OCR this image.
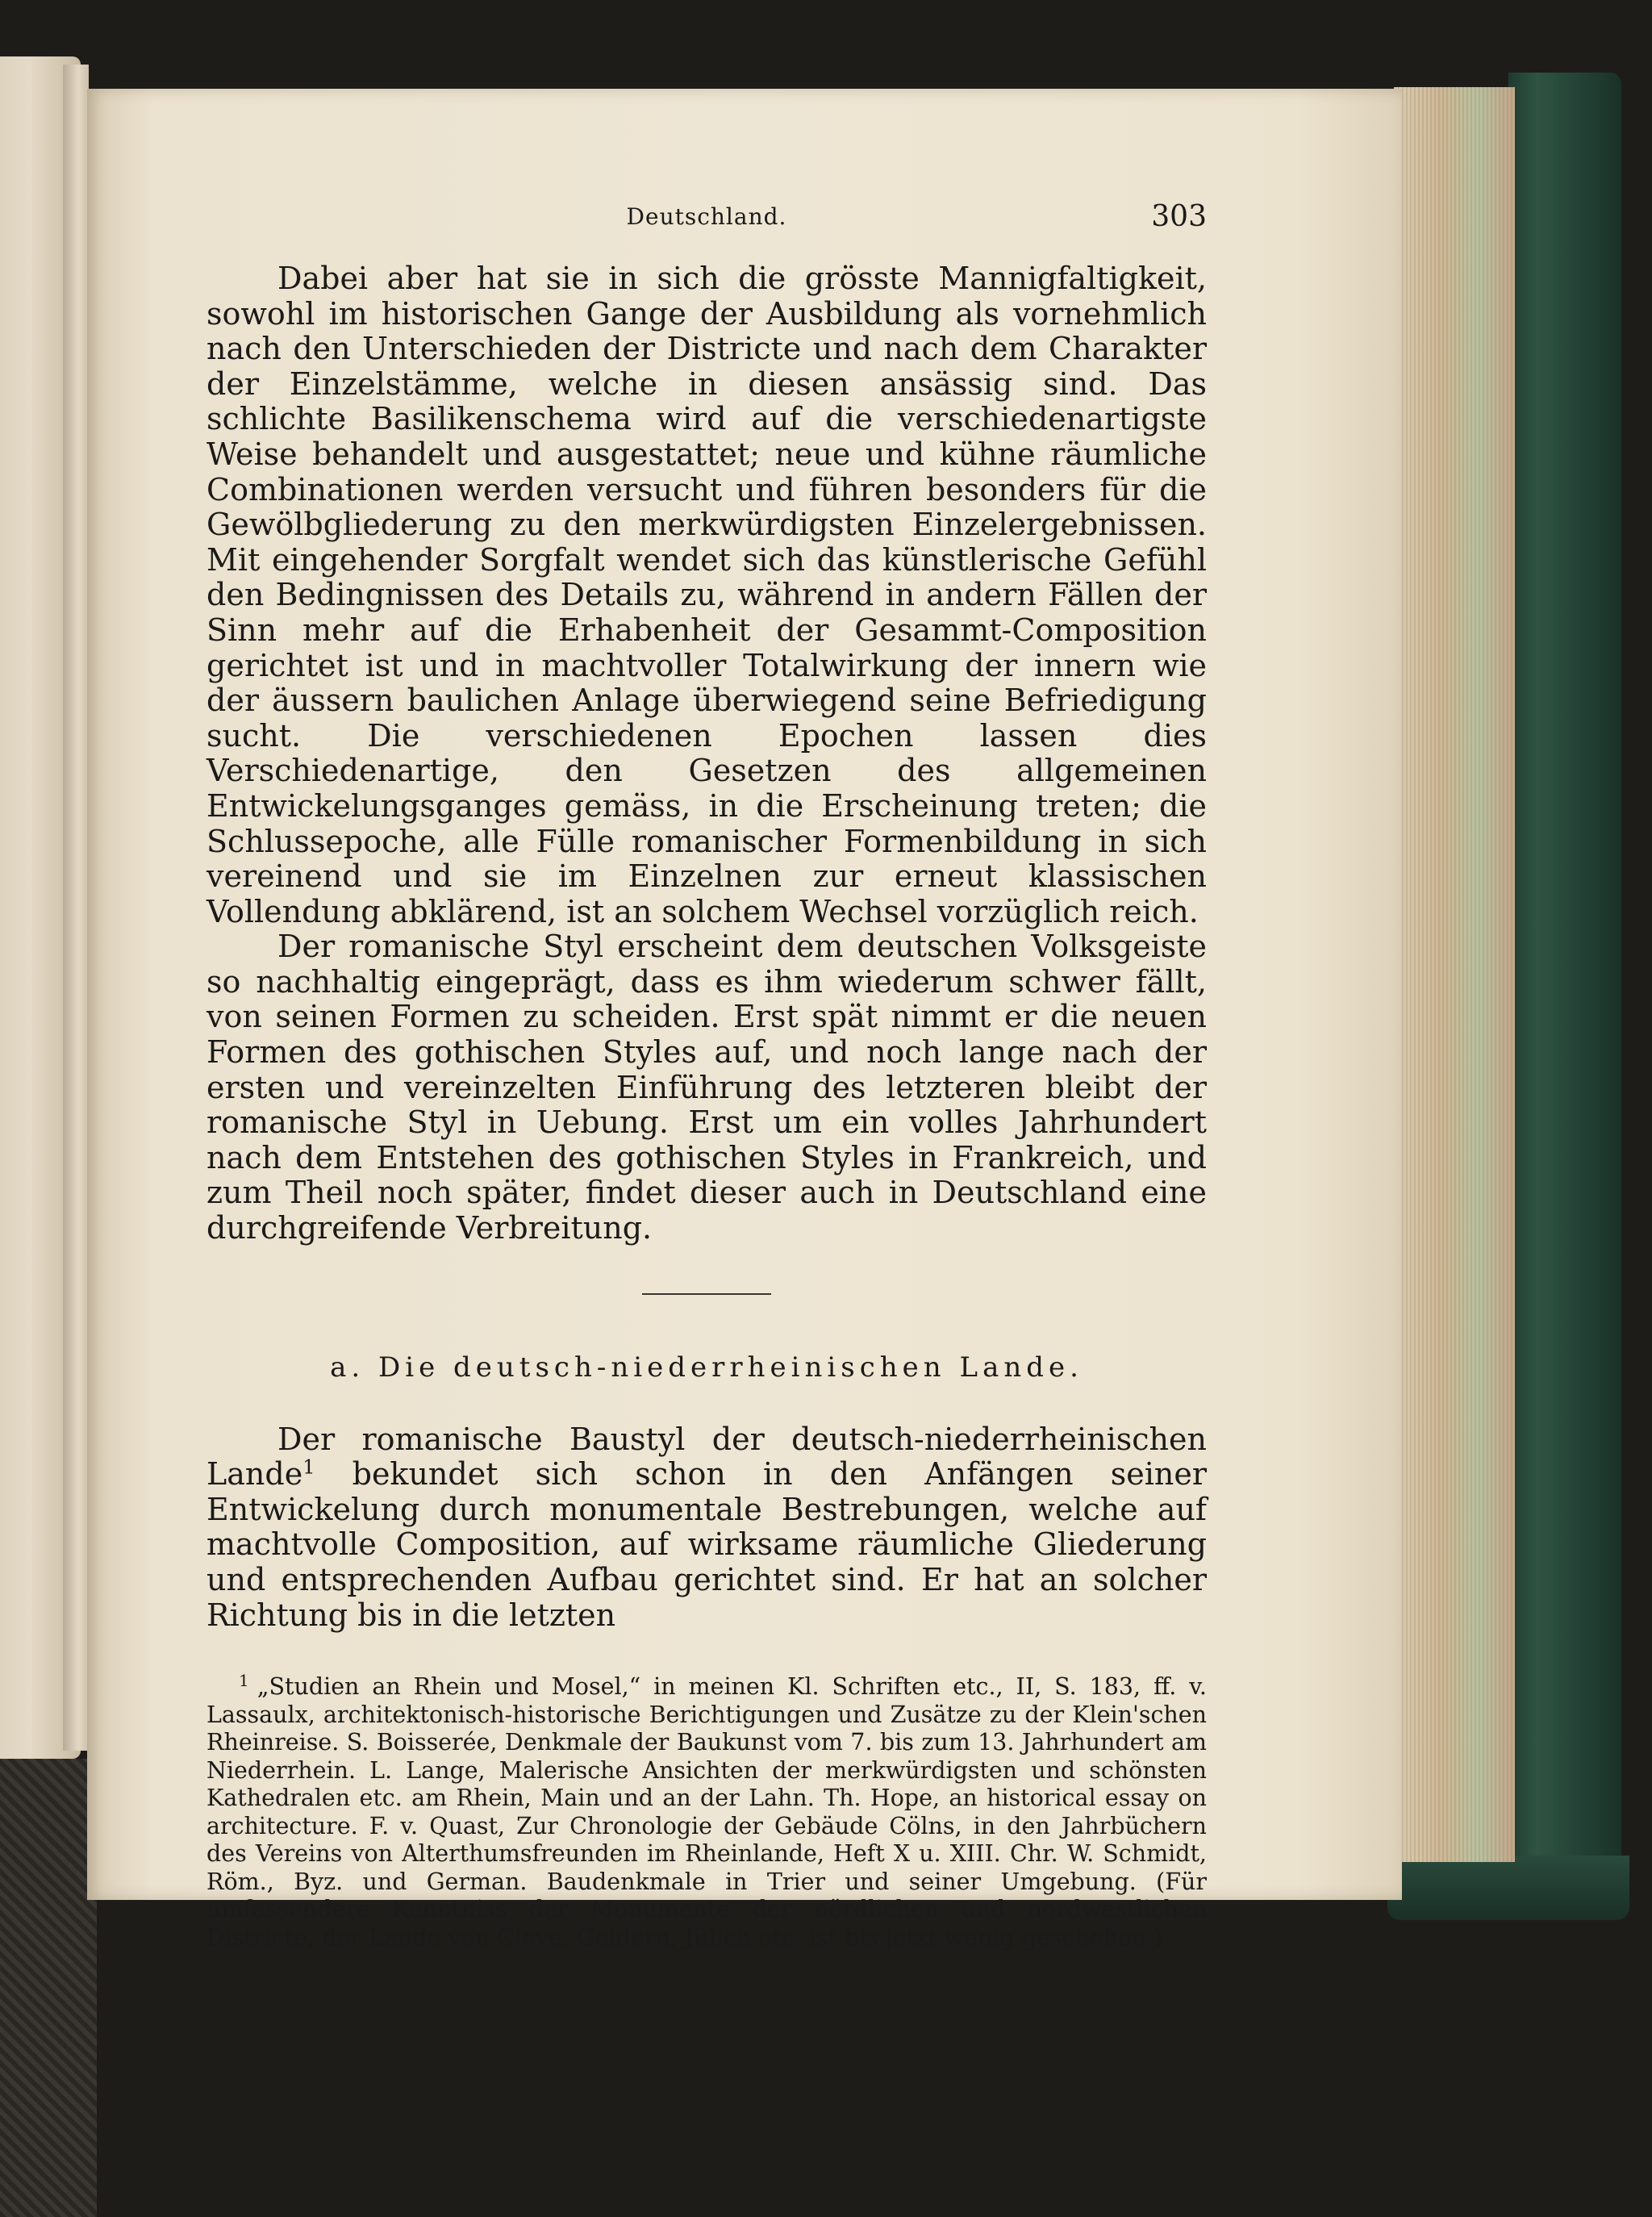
Deutschland.	303

Dabei aber hat sie in sich die grösste Mannigfaltigkeit, sowohl im historischen Gange der Ausbildung als vornehmlich nach den Unterschieden der Districte und nach dem Charakter der Einzelstämme, welche in diesen ansässig sind. Das schlichte Basilikenschema wird auf die verschiedenartigste Weise behandelt und ausgestattet; neue und kühne räumliche Combinationen werden versucht und führen besonders für die Gewölbgliederung zu den merkwürdigsten Einzelergebnissen. Mit eingehender Sorgfalt wendet sich das künstlerische Gefühl den Bedingnissen des Details zu, während in andern Fällen der Sinn mehr auf die Erhabenheit der Gesammt-Composition gerichtet ist und in machtvoller Totalwirkung der innern wie der äussern baulichen Anlage überwiegend seine Befriedigung sucht. Die verschiedenen Epochen lassen dies Verschiedenartige, den Gesetzen des allgemeinen Entwickelungsganges gemäss, in die Erscheinung treten; die Schlussepoche, alle Fülle romanischer Formenbildung in sich vereinend und sie im Einzelnen zur erneut klassischen Vollendung abklärend, ist an solchem Wechsel vorzüglich reich.

Der romanische Styl erscheint dem deutschen Volksgeiste so nachhaltig eingeprägt, dass es ihm wiederum schwer fällt, von seinen Formen zu scheiden. Erst spät nimmt er die neuen Formen des gothischen Styles auf, und noch lange nach der ersten und vereinzelten Einführung des letzteren bleibt der romanische Styl in Uebung. Erst um ein volles Jahrhundert nach dem Entstehen des gothischen Styles in Frankreich, und zum Theil noch später, findet dieser auch in Deutschland eine durchgreifende Verbreitung.

a. Die deutsch-niederrheinischen Lande.

Der romanische Baustyl der deutsch-niederrheinischen Lande$^1$ bekundet sich schon in den Anfängen seiner Entwickelung durch monumentale Bestrebungen, welche auf machtvolle Composition, auf wirksame räumliche Gliederung und entsprechenden Aufbau gerichtet sind. Er hat an solcher Richtung bis in die letzten

$^1$ „Studien an Rhein und Mosel,“ in meinen Kl. Schriften etc., II, S. 183, ff. v. Lassaulx, architektonisch-historische Berichtigungen und Zusätze zu der Klein'schen Rheinreise. S. Boisserée, Denkmale der Baukunst vom 7. bis zum 13. Jahrhundert am Niederrhein. L. Lange, Malerische Ansichten der merkwürdigsten und schönsten Kathedralen etc. am Rhein, Main und an der Lahn. Th. Hope, an historical essay on architecture. F. v. Quast, Zur Chronologie der Gebäude Cölns, in den Jahrbüchern des Vereins von Alterthumsfreunden im Rheinlande, Heft X u. XIII. Chr. W. Schmidt, Röm., Byz. und German. Baudenkmale in Trier und seiner Umgebung. (Für umfassendere Kenntniss der Monumente der nördlichen und nordwestlichen Districte, der Lande von Cleve, Geldern, Jülich etc. ist bis jetzt wenig geschehen.)
